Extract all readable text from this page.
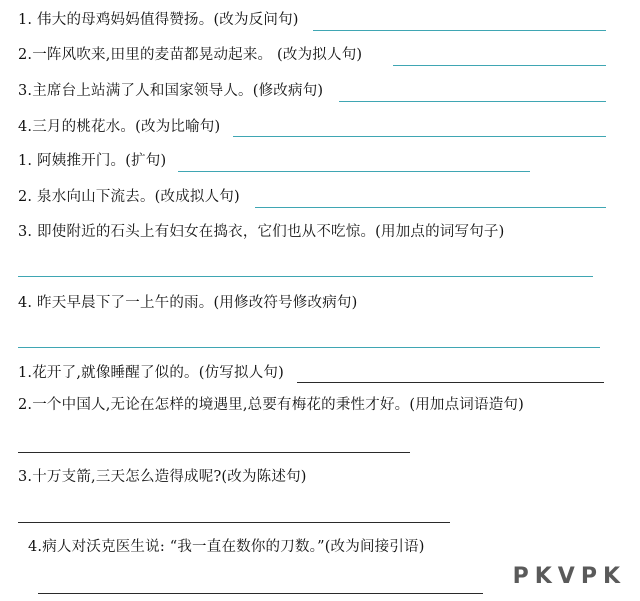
1. 伟大的母鸡妈妈值得赞扬。(改为反问句)
2.一阵风吹来,田里的麦苗都晃动起来。 (改为拟人句)
3.主席台上站满了人和国家领导人。(修改病句)
4.三月的桃花水。(改为比喻句)
1. 阿姨推开门。(扩句)
2. 泉水向山下流去。(改成拟人句)
3. 即使附近的石头上有妇女在捣衣，它们也从不吃惊。(用加点的词写句子)
4. 昨天早晨下了一上午的雨。(用修改符号修改病句)
1.花开了,就像睡醒了似的。(仿写拟人句)
2.一个中国人,无论在怎样的境遇里,总要有梅花的秉性才好。(用加点词语造句)
3.十万支箭,三天怎么造得成呢?(改为陈述句)
4.病人对沃克医生说: “我一直在数你的刀数。”(改为间接引语)
PKVPK
